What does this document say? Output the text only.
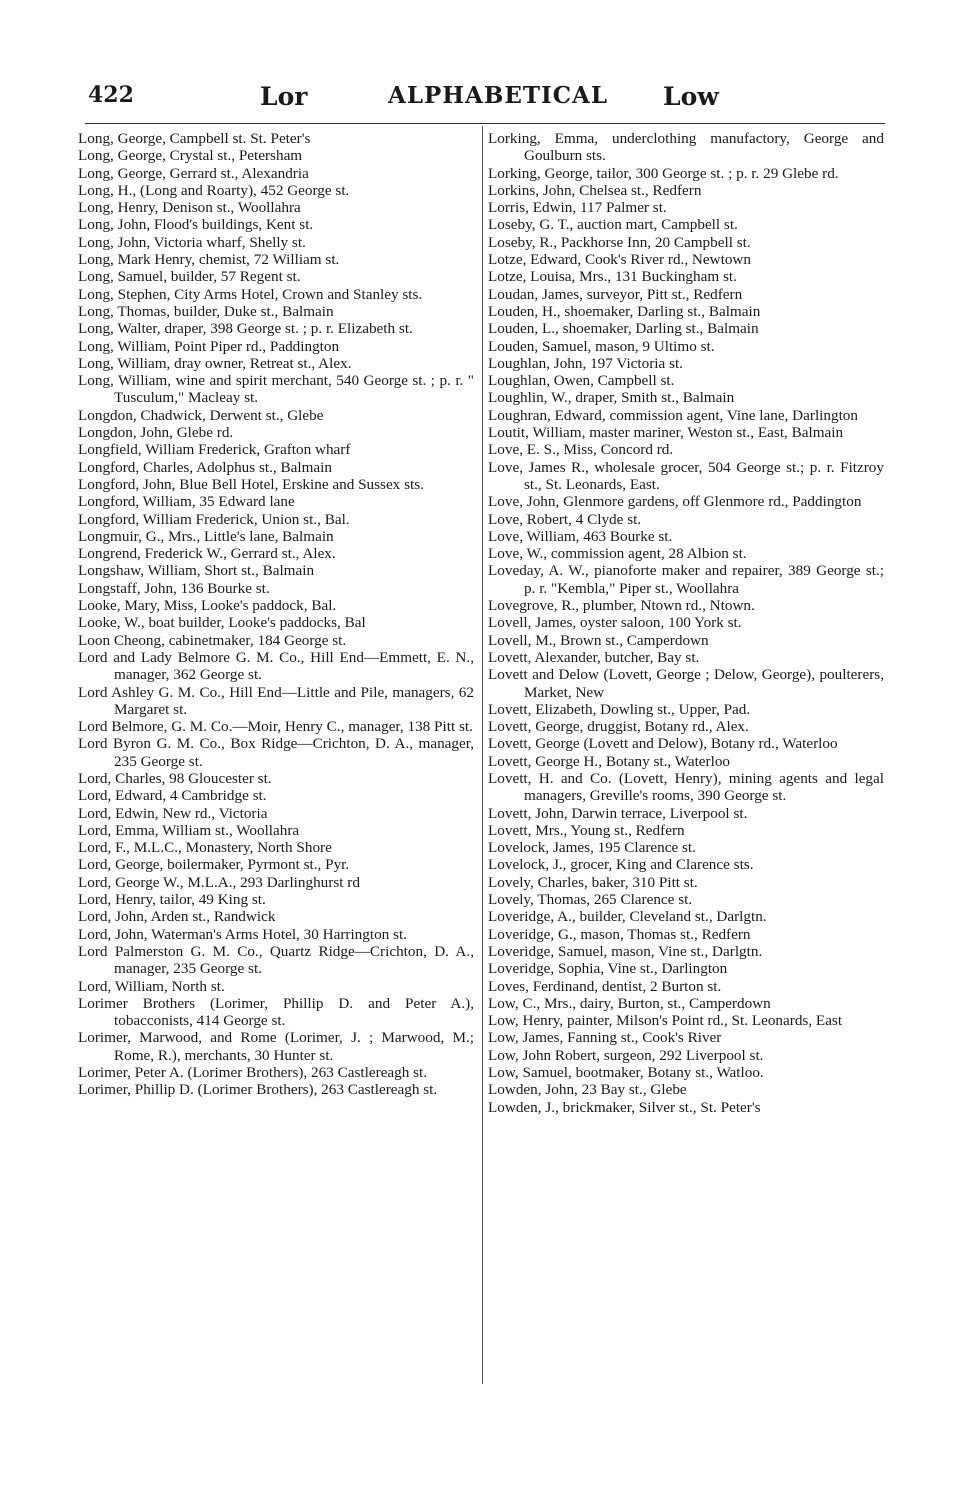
422	Lor	ALPHABETICAL Low

Long, George, Campbell st. St. Peter's

Long, George, Crystal st., Petersham

Long, George, Gerrard st., Alexandria

Long, H., (Long and Roarty), 452 George st.

Long, Henry, Denison st., Woollahra

Long, John, Flood's buildings, Kent st.

Long, John, Victoria wharf, Shelly st.

Long, Mark Henry, chemist, 72 William st.

Long, Samuel, builder, 57 Regent st.

Long, Stephen, City Arms Hotel, Crown and Stanley sts.

Long, Thomas, builder, Duke st., Balmain

Long, Walter, draper, 398 George st. ; p. r. Elizabeth st.

Long, William, Point Piper rd., Paddington

Long, William, dray owner, Retreat st., Alex.

Long, William, wine and spirit merchant, 540 George st. ; p. r. " Tusculum," Macleay st.

Longdon, Chadwick, Derwent st., Glebe

Longdon, John, Glebe rd.

Longfield, William Frederick, Grafton wharf

Longford, Charles, Adolphus st., Balmain

Longford, John, Blue Bell Hotel, Erskine and Sussex sts.

Longford, William, 35 Edward lane

Longford, William Frederick, Union st., Bal.

Longmuir, G., Mrs., Little's lane, Balmain

Longrend, Frederick W., Gerrard st., Alex.

Longshaw, William, Short st., Balmain

Longstaff, John, 136 Bourke st.

Looke, Mary, Miss, Looke's paddock, Bal.

Looke, W., boat builder, Looke's paddocks, Bal

Loon Cheong, cabinetmaker, 184 George st.

Lord and Lady Belmore G. M. Co., Hill End—Emmett, E. N., manager, 362 George st.

Lord Ashley G. M. Co., Hill End—Little and Pile, managers, 62 Margaret st.

Lord Belmore, G. M. Co.—Moir, Henry C., manager, 138 Pitt st.

Lord Byron G. M. Co., Box Ridge—Crichton, D. A., manager, 235 George st.

Lord, Charles, 98 Gloucester st.

Lord, Edward, 4 Cambridge st.

Lord, Edwin, New rd., Victoria

Lord, Emma, William st., Woollahra

Lord, F., M.L.C., Monastery, North Shore

Lord, George, boilermaker, Pyrmont st., Pyr.

Lord, George W., M.L.A., 293 Darlinghurst rd

Lord, Henry, tailor, 49 King st.

Lord, John, Arden st., Randwick

Lord, John, Waterman's Arms Hotel, 30 Harrington st.

Lord Palmerston G. M. Co., Quartz Ridge—Crichton, D. A., manager, 235 George st.

Lord, William, North st.

Lorimer Brothers (Lorimer, Phillip D. and Peter A.), tobacconists, 414 George st.

Lorimer, Marwood, and Rome (Lorimer, J. ; Marwood, M.; Rome, R.), merchants, 30 Hunter st.

Lorimer, Peter A. (Lorimer Brothers), 263 Castlereagh st.

Lorimer, Phillip D. (Lorimer Brothers), 263 Castlereagh st.

Lorking, Emma, underclothing manufactory, George and Goulburn sts.

Lorking, George, tailor, 300 George st. ; p. r. 29 Glebe rd.

Lorkins, John, Chelsea st., Redfern

Lorris, Edwin, 117 Palmer st.

Loseby, G. T., auction mart, Campbell st.

Loseby, R., Packhorse Inn, 20 Campbell st.

Lotze, Edward, Cook's River rd., Newtown

Lotze, Louisa, Mrs., 131 Buckingham st.

Loudan, James, surveyor, Pitt st., Redfern

Louden, H., shoemaker, Darling st., Balmain

Louden, L., shoemaker, Darling st., Balmain

Louden, Samuel, mason, 9 Ultimo st.

Loughlan, John, 197 Victoria st.

Loughlan, Owen, Campbell st.

Loughlin, W., draper, Smith st., Balmain

Loughran, Edward, commission agent, Vine lane, Darlington

Loutit, William, master mariner, Weston st., East, Balmain

Love, E. S., Miss, Concord rd.

Love, James R., wholesale grocer, 504 George st.; p. r. Fitzroy st., St. Leonards, East.

Love, John, Glenmore gardens, off Glenmore rd., Paddington

Love, Robert, 4 Clyde st.

Love, William, 463 Bourke st.

Love, W., commission agent, 28 Albion st.

Loveday, A. W., pianoforte maker and repairer, 389 George st.; p. r. "Kembla," Piper st., Woollahra

Lovegrove, R., plumber, Ntown rd., Ntown.

Lovell, James, oyster saloon, 100 York st.

Lovell, M., Brown st., Camperdown

Lovett, Alexander, butcher, Bay st.

Lovett and Delow (Lovett, George ; Delow, George), poulterers, Market, New

Lovett, Elizabeth, Dowling st., Upper, Pad.

Lovett, George, druggist, Botany rd., Alex.

Lovett, George (Lovett and Delow), Botany rd., Waterloo

Lovett, George H., Botany st., Waterloo

Lovett, H. and Co. (Lovett, Henry), mining agents and legal managers, Greville's rooms, 390 George st.

Lovett, John, Darwin terrace, Liverpool st.

Lovett, Mrs., Young st., Redfern

Lovelock, James, 195 Clarence st.

Lovelock, J., grocer, King and Clarence sts.

Lovely, Charles, baker, 310 Pitt st.

Lovely, Thomas, 265 Clarence st.

Loveridge, A., builder, Cleveland st., Darlgtn.

Loveridge, G., mason, Thomas st., Redfern

Loveridge, Samuel, mason, Vine st., Darlgtn.

Loveridge, Sophia, Vine st., Darlington

Loves, Ferdinand, dentist, 2 Burton st.

Low, C., Mrs., dairy, Burton, st., Camperdown

Low, Henry, painter, Milson's Point rd., St. Leonards, East

Low, James, Fanning st., Cook's River

Low, John Robert, surgeon, 292 Liverpool st.

Low, Samuel, bootmaker, Botany st., Watloo.

Lowden, John, 23 Bay st., Glebe

Lowden, J., brickmaker, Silver st., St. Peter's
